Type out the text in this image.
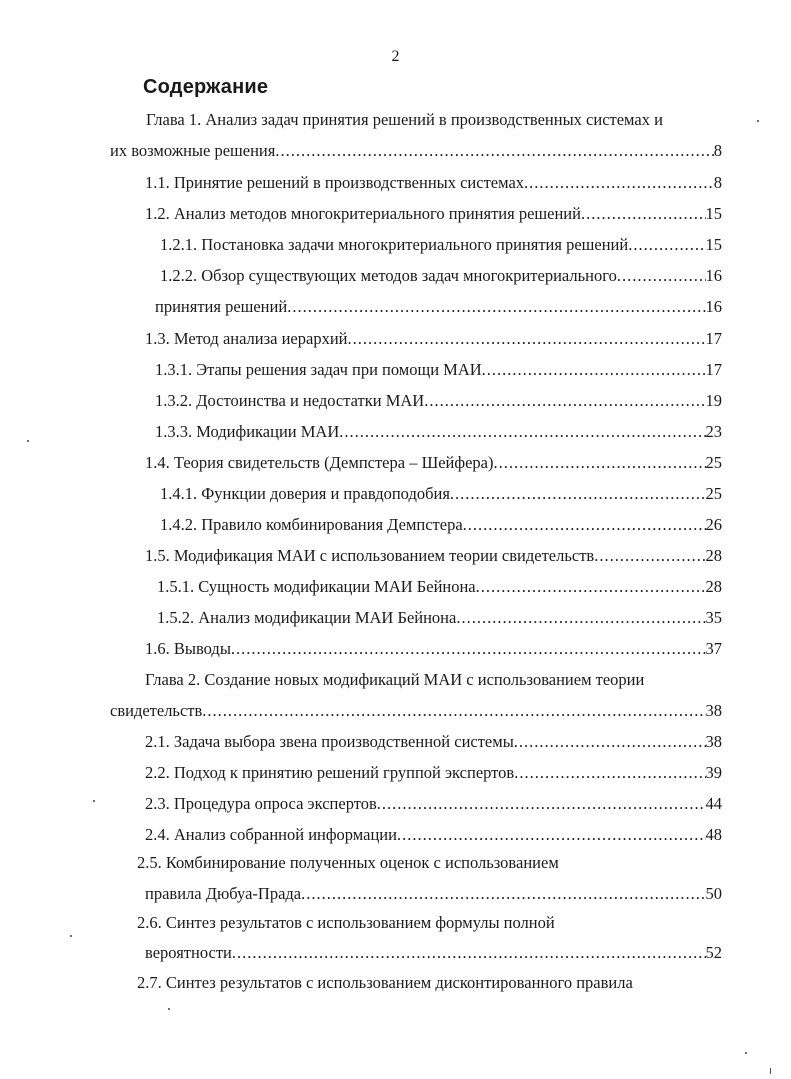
2
Содержание
Глава 1. Анализ задач принятия решений в производственных системах и
их возможные решения .....	8
1.1. Принятие решений в производственных системах .....	8
1.2. Анализ методов многокритериального принятия решений .....	15
1.2.1. Постановка задачи многокритериального принятия решений .....	15
1.2.2. Обзор существующих методов задач многокритериального .....	16
принятия решений .....	16
1.3. Метод анализа иерархий .....	17
1.3.1. Этапы решения задач при помощи МАИ .....	17
1.3.2. Достоинства и недостатки МАИ .....	19
1.3.3. Модификации МАИ .....	23
1.4. Теория свидетельств (Демпстера – Шейфера) .....	25
1.4.1. Функции доверия и правдоподобия .....	25
1.4.2. Правило комбинирования Демпстера .....	26
1.5. Модификация МАИ с использованием теории свидетельств .....	28
1.5.1. Сущность модификации МАИ Бейнона .....	28
1.5.2. Анализ модификации МАИ Бейнона .....	35
1.6. Выводы .....	37
Глава 2. Создание новых модификаций МАИ с использованием теории
свидетельств .....	38
2.1. Задача выбора звена производственной системы .....	38
2.2. Подход к принятию решений группой экспертов .....	39
2.3. Процедура опроса экспертов .....	44
2.4. Анализ собранной информации .....	48
2.5. Комбинирование полученных оценок с использованием
правила Дюбуа-Прада .....	50
2.6. Синтез результатов с использованием формулы полной
вероятности .....	52
2.7. Синтез результатов с использованием дисконтированного правила
